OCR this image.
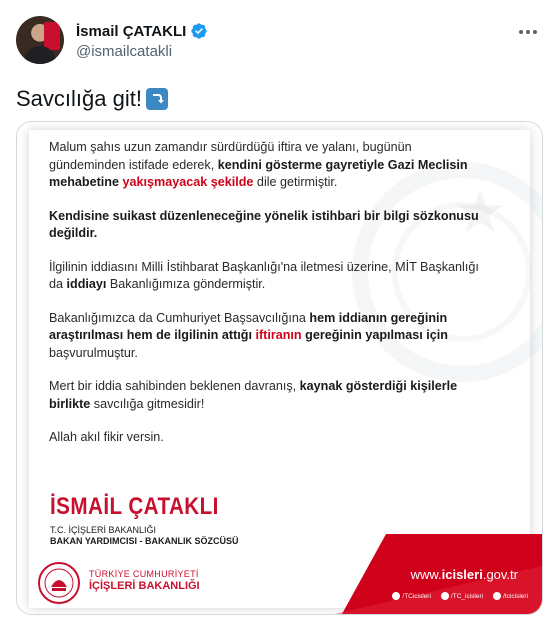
İsmail ÇATAKLI
@ismailcatakli
Savcılığa git!
★

Malum şahıs uzun zamandır sürdürdüğü iftira ve yalanı, bugünün gündeminden istifade ederek, kendini gösterme gayretiyle Gazi Meclisin mehabetine yakışmayacak şekilde dile getirmiştir.

Kendisine suikast düzenleneceğine yönelik istihbari bir bilgi sözkonusu değildir.

İlgilinin iddiasını Milli İstihbarat Başkanlığı'na iletmesi üzerine, MİT Başkanlığı da iddiayı Bakanlığımıza göndermiştir.

Bakanlığımızca da Cumhuriyet Başsavcılığına hem iddianın gereğinin araştırılması hem de ilgilinin attığı iftiranın gereğinin yapılması için başvurulmuştur.

Mert bir iddia sahibinden beklenen davranış, kaynak gösterdiği kişilerle birlikte savcılığa gitmesidir!

Allah akıl fikir versin.

İSMAİL ÇATAKLI
T.C. İÇİŞLERİ BAKANLIĞI
BAKAN YARDIMCISI - BAKANLIK SÖZCÜSÜ
TÜRKİYE CUMHURİYETİ
İÇİŞLERİ BAKANLIĞI
www.icisleri.gov.tr
/TCicisleri	/TC_icisleri	/tcicisleri
